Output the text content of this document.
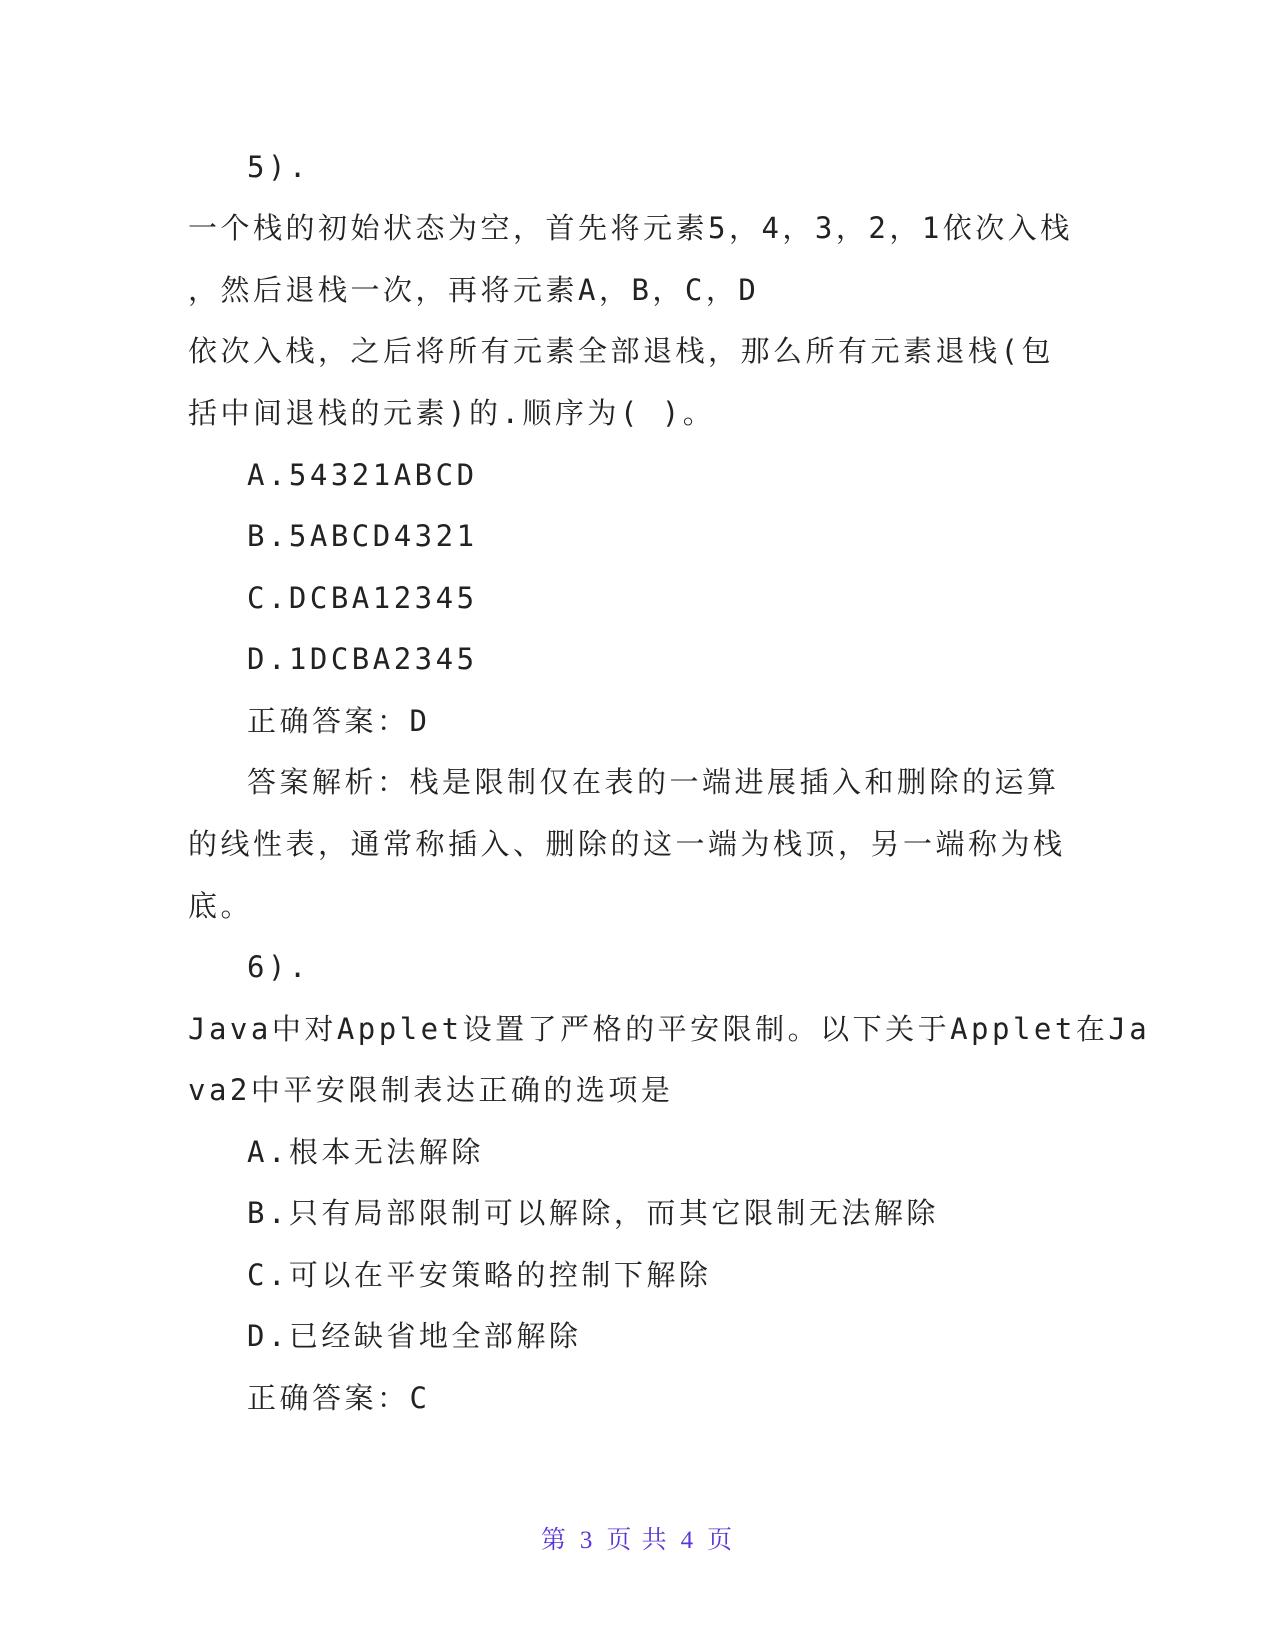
5).
一个栈的初始状态为空，首先将元素5，4，3，2，1依次入栈
，然后退栈一次，再将元素A，B，C，D
依次入栈，之后将所有元素全部退栈，那么所有元素退栈(包
括中间退栈的元素)的.顺序为( )。
A.54321ABCD
B.5ABCD4321
C.DCBA12345
D.1DCBA2345
正确答案：D
答案解析：栈是限制仅在表的一端进展插入和删除的运算
的线性表，通常称插入、删除的这一端为栈顶，另一端称为栈
底。
6).
Java中对Applet设置了严格的平安限制。以下关于Applet在Ja
va2中平安限制表达正确的选项是
A.根本无法解除
B.只有局部限制可以解除，而其它限制无法解除
C.可以在平安策略的控制下解除
D.已经缺省地全部解除
正确答案：C
第 3 页 共 4 页
